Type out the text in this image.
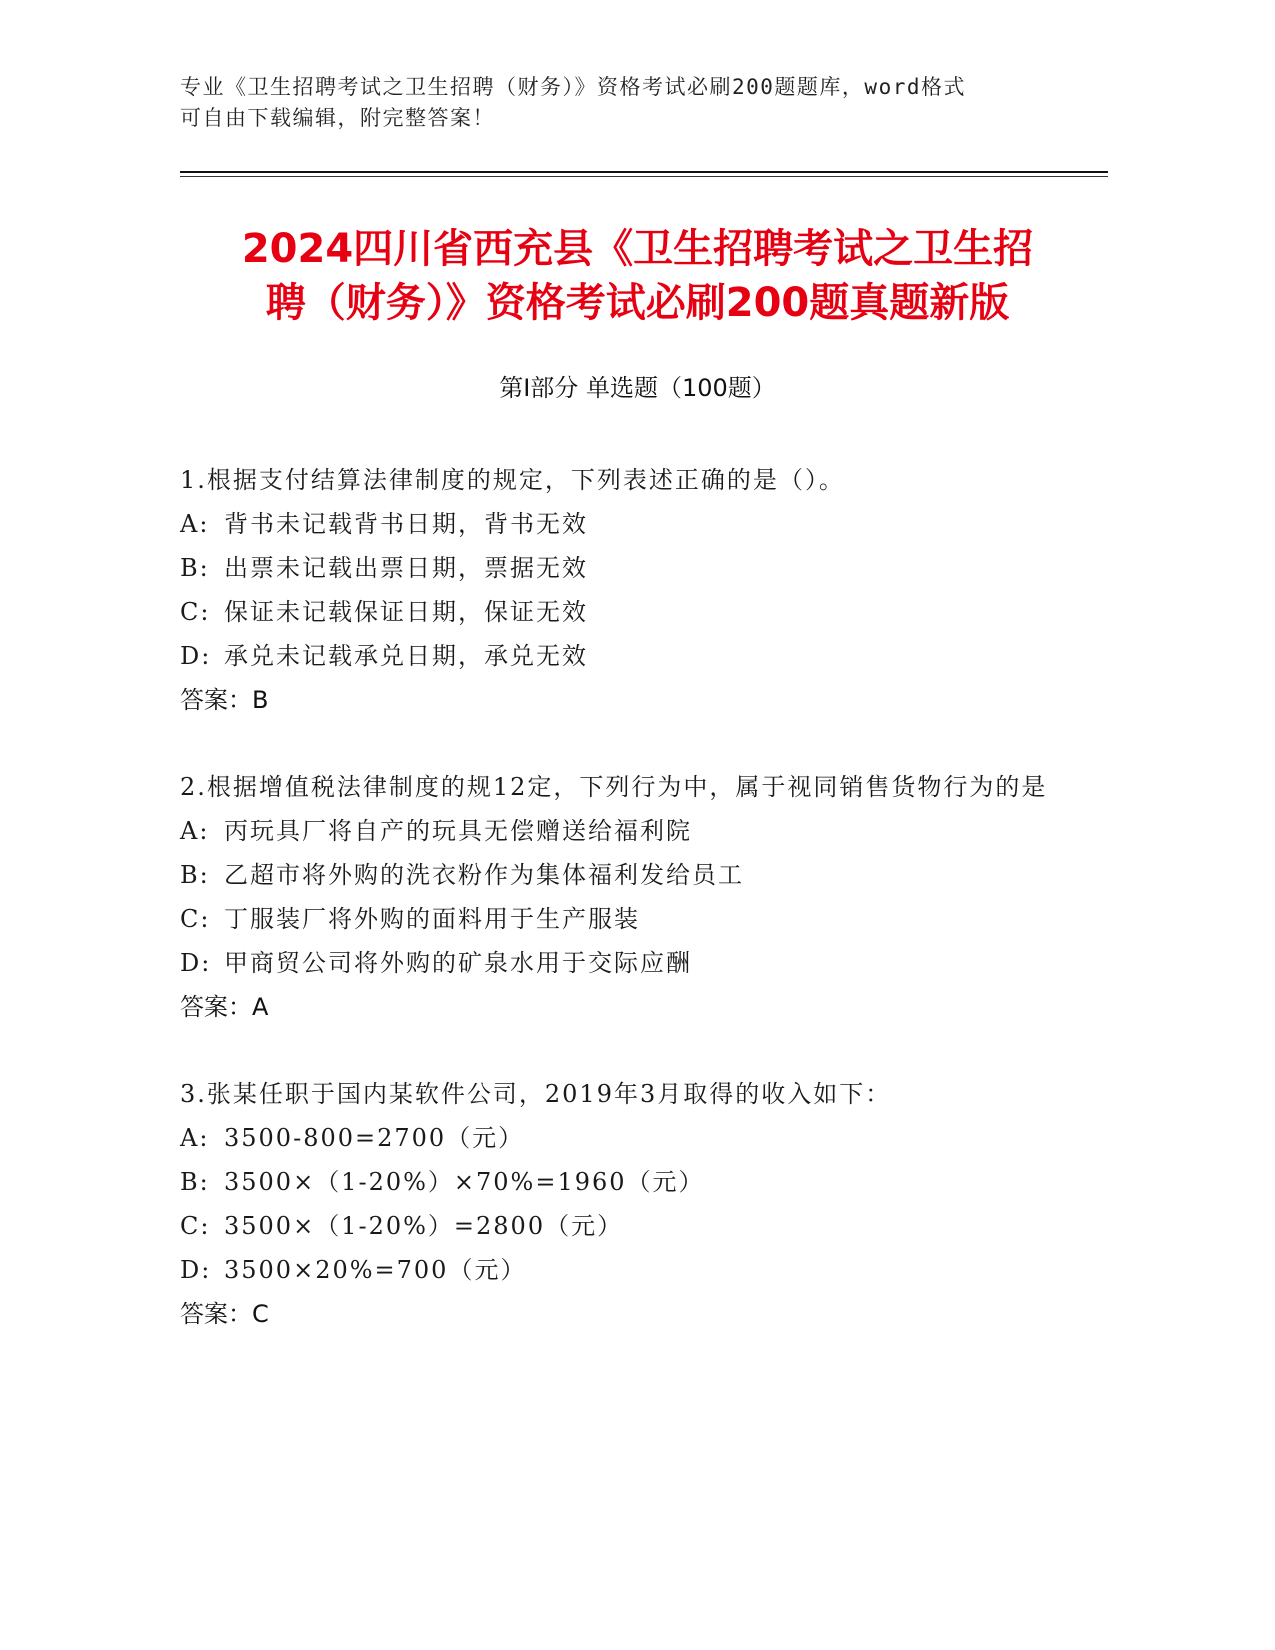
专业《卫生招聘考试之卫生招聘（财务）》资格考试必刷200题题库，word格式

可自由下载编辑，附完整答案！

2024四川省西充县《卫生招聘考试之卫生招
聘（财务）》资格考试必刷200题真题新版
第Ⅰ部分 单选题（100题）

1.根据支付结算法律制度的规定，下列表述正确的是（）。

A: 背书未记载背书日期，背书无效
B: 出票未记载出票日期，票据无效
C: 保证未记载保证日期，保证无效
D: 承兑未记载承兑日期，承兑无效
答案：B

2.根据增值税法律制度的规12定，下列行为中，属于视同销售货物行为的是

A: 丙玩具厂将自产的玩具无偿赠送给福利院
B: 乙超市将外购的洗衣粉作为集体福利发给员工
C: 丁服装厂将外购的面料用于生产服装
D: 甲商贸公司将外购的矿泉水用于交际应酬
答案：A

3.张某任职于国内某软件公司，2019年3月取得的收入如下：

A: 3500-800=2700（元）
B: 3500×（1-20%）×70%=1960（元）
C: 3500×（1-20%）=2800（元）
D: 3500×20%=700（元）
答案：C
